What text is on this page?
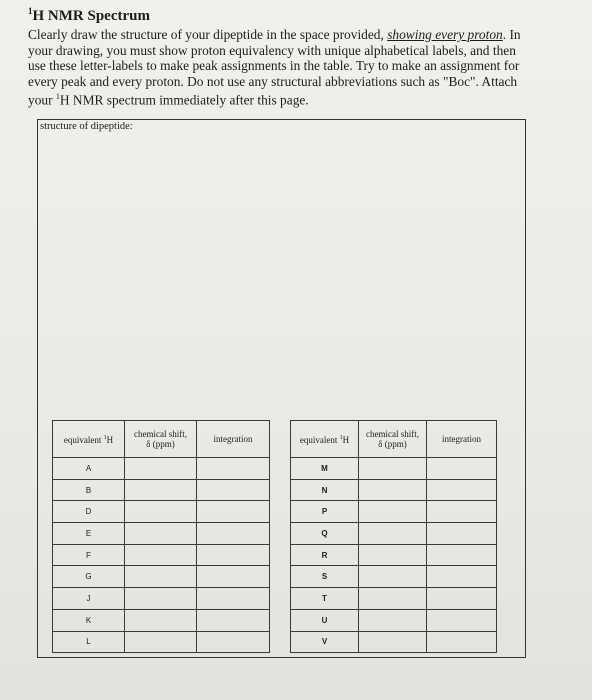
$^1$H NMR Spectrum
Clearly draw the structure of your dipeptide in the space provided, showing every proton. In your drawing, you must show proton equivalency with unique alphabetical labels, and then use these letter-labels to make peak assignments in the table. Try to make an assignment for every peak and every proton. Do not use any structural abbreviations such as "Boc". Attach your $^1$H NMR spectrum immediately after this page.
structure of dipeptide:
equivalent $^1$H	chemical shift,
δ (ppm)	integration
A		
B		
D		
E		
F		
G		
J		
K		
L		
equivalent $^1$H	chemical shift,
δ (ppm)	integration
M		
N		
P		
Q		
R		
S		
T		
U		
V		
